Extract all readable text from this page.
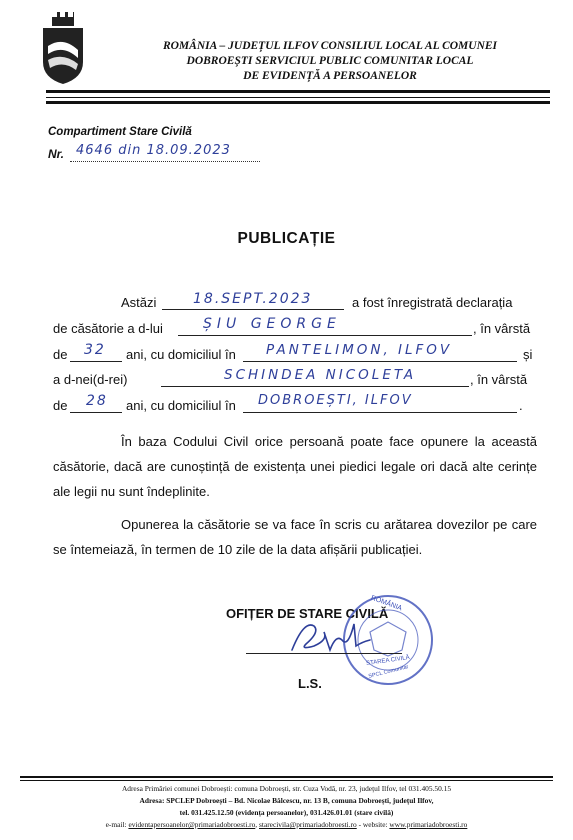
ROMÂNIA – JUDEȚUL ILFOV CONSILIUL LOCAL AL COMUNEI
DOBROEȘTI SERVICIUL PUBLIC COMUNITAR LOCAL
DE EVIDENȚĂ A PERSOANELOR
Compartiment Stare Civilă
Nr. 4646 din 18.09.2023
PUBLICAȚIE
Astăzi	18.SEPT.2023	a fost înregistrată declarația
de căsătorie a d-lui	ȘIU GEORGE	, în vârstă
de 32 ani, cu domiciliul în PANTELIMON, ILFOV	și
a d-nei(d-rei)	SCHINDEA NICOLETA	, în vârstă
de 28 ani, cu domiciliul în DOBROEȘTI, ILFOV	.
În baza Codului Civil orice persoană poate face opunere la această căsătorie, dacă are cunoștință de existența unei piedici legale ori dacă alte cerințe ale legii nu sunt îndeplinite.
Opunerea la căsătorie se va face în scris cu arătarea dovezilor pe care se întemeiază, în termen de 10 zile de la data afișării publicației.
OFIȚER DE STARE CIVILĂ
ROMÂNIA
STAREA CIVILĂ
SPCL Comunitar
L.S.
Adresa Primăriei comunei Dobroești: comuna Dobroești, str. Cuza Vodă, nr. 23, județul Ilfov, tel 031.405.50.15
Adresa: SPCLEP Dobroești – Bd. Nicolae Bălcescu, nr. 13 B, comuna Dobroești, județul Ilfov,
tel. 031.425.12.50 (evidența persoanelor), 031.426.01.01 (stare civilă)
e-mail: evidentapersoanelor@primariadobroesti.ro, starecivila@primariadobroesti.ro - website: www.primariadobroesti.ro
